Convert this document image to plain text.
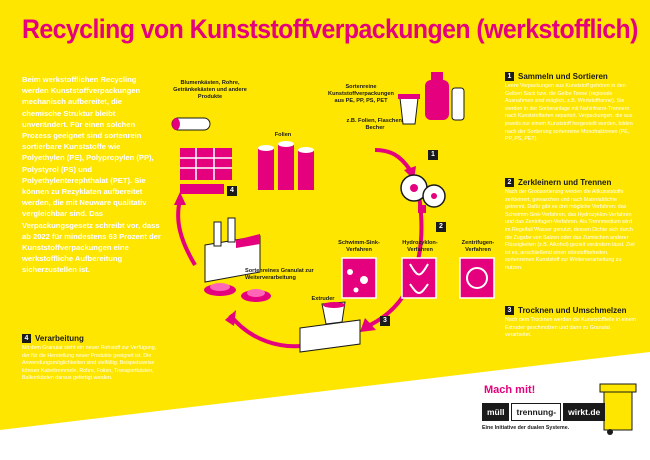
Recycling von Kunststoffverpackungen (werkstofflich)
Beim werkstofflichen Recycling werden Kunststoffverpackungen mechanisch aufbereitet, die chemische Struktur bleibt unverändert. Für einen solchen Prozess geeignet sind sortenrein sortierbare Kunststoffe wie Polyethylen (PE), Polypropylen (PP), Polystyrol (PS) und Polyethylenterephthalat (PET). Sie können zu Rezyklaten aufbereitet werden, die mit Neuware qualitativ vergleichbar sind. Das Verpackungsgesetz schreibt vor, dass ab 2022 für mindestens 63 Prozent der Kunststoffverpackungen eine werkstoffliche Aufbereitung sicherzustellen ist.
Blumenkästen, Rohre, Getränkekästen und andere Produkte
Folien
Sortenreine Kunststoffverpackungen aus PE, PP, PS, PET
z.B. Folien, Flaschen, Becher
Schwimm-Sink-Verfahren
Hydrozyklon-Verfahren
Zentrifugen-Verfahren
Sortenreines Granulat zur Weiterverarbeitung
Extruder
1
2
3
4
1 Sammeln und Sortieren
Leere Verpackungen aus Kunststoff gehören in den Gelben Sack bzw. die Gelbe Tonne (regionale Ausnahmen sind möglich, z.B. Wertstofftonne). Sie werden in der Sortieranlage mit Nahinfrarot-Trennern nach Kunststoffarten separiert. Verpackungen, die aus jeweils nur einem Kunststoff hergestellt wurden, bilden nach der Sortierung sortenreine Monofraktionen (PE, PP, PS, PET).
2 Zerkleinern und Trennen
Nach der Grobsortierung werden die Altkunststoffe zerkleinert, gewaschen und nach Materialdichte getrennt. Dafür gibt es drei mögliche Verfahren: das Schwimm-Sink-Verfahren, das Hydrozyklon-Verfahren und das Zentrifugen-Verfahren. Als Trennmedium wird im Regelfall Wasser genutzt, dessen Dichte sich durch die Zugabe von Salzen oder das Zumischen anderer Flüssigkeiten (z.B. Alkohol) gezielt verändern lässt. Ziel ist es, anschließend einen störstoffbefreiten, sortenreinen Kunststoff zur Weiterverarbeitung zu nutzen.
3 Trocknen und Umschmelzen
Nach dem Trocknen werden die Kunststoffteile in einem Extruder geschmolzen und dann zu Granulat verarbeitet.
4 Verarbeitung
Mit dem Granulat steht ein neuer Rohstoff zur Verfügung, der für die Herstellung neuer Produkte geeignet ist. Die Anwendungsmöglichkeiten sind vielfältig. Beispielsweise können Kabeltrommeln, Rohre, Folien, Transportkästen, Balkonkästen daraus gefertigt werden.
Mach mit!
müll	trennung-	wirkt.de
Eine Initiative der dualen Systeme.
